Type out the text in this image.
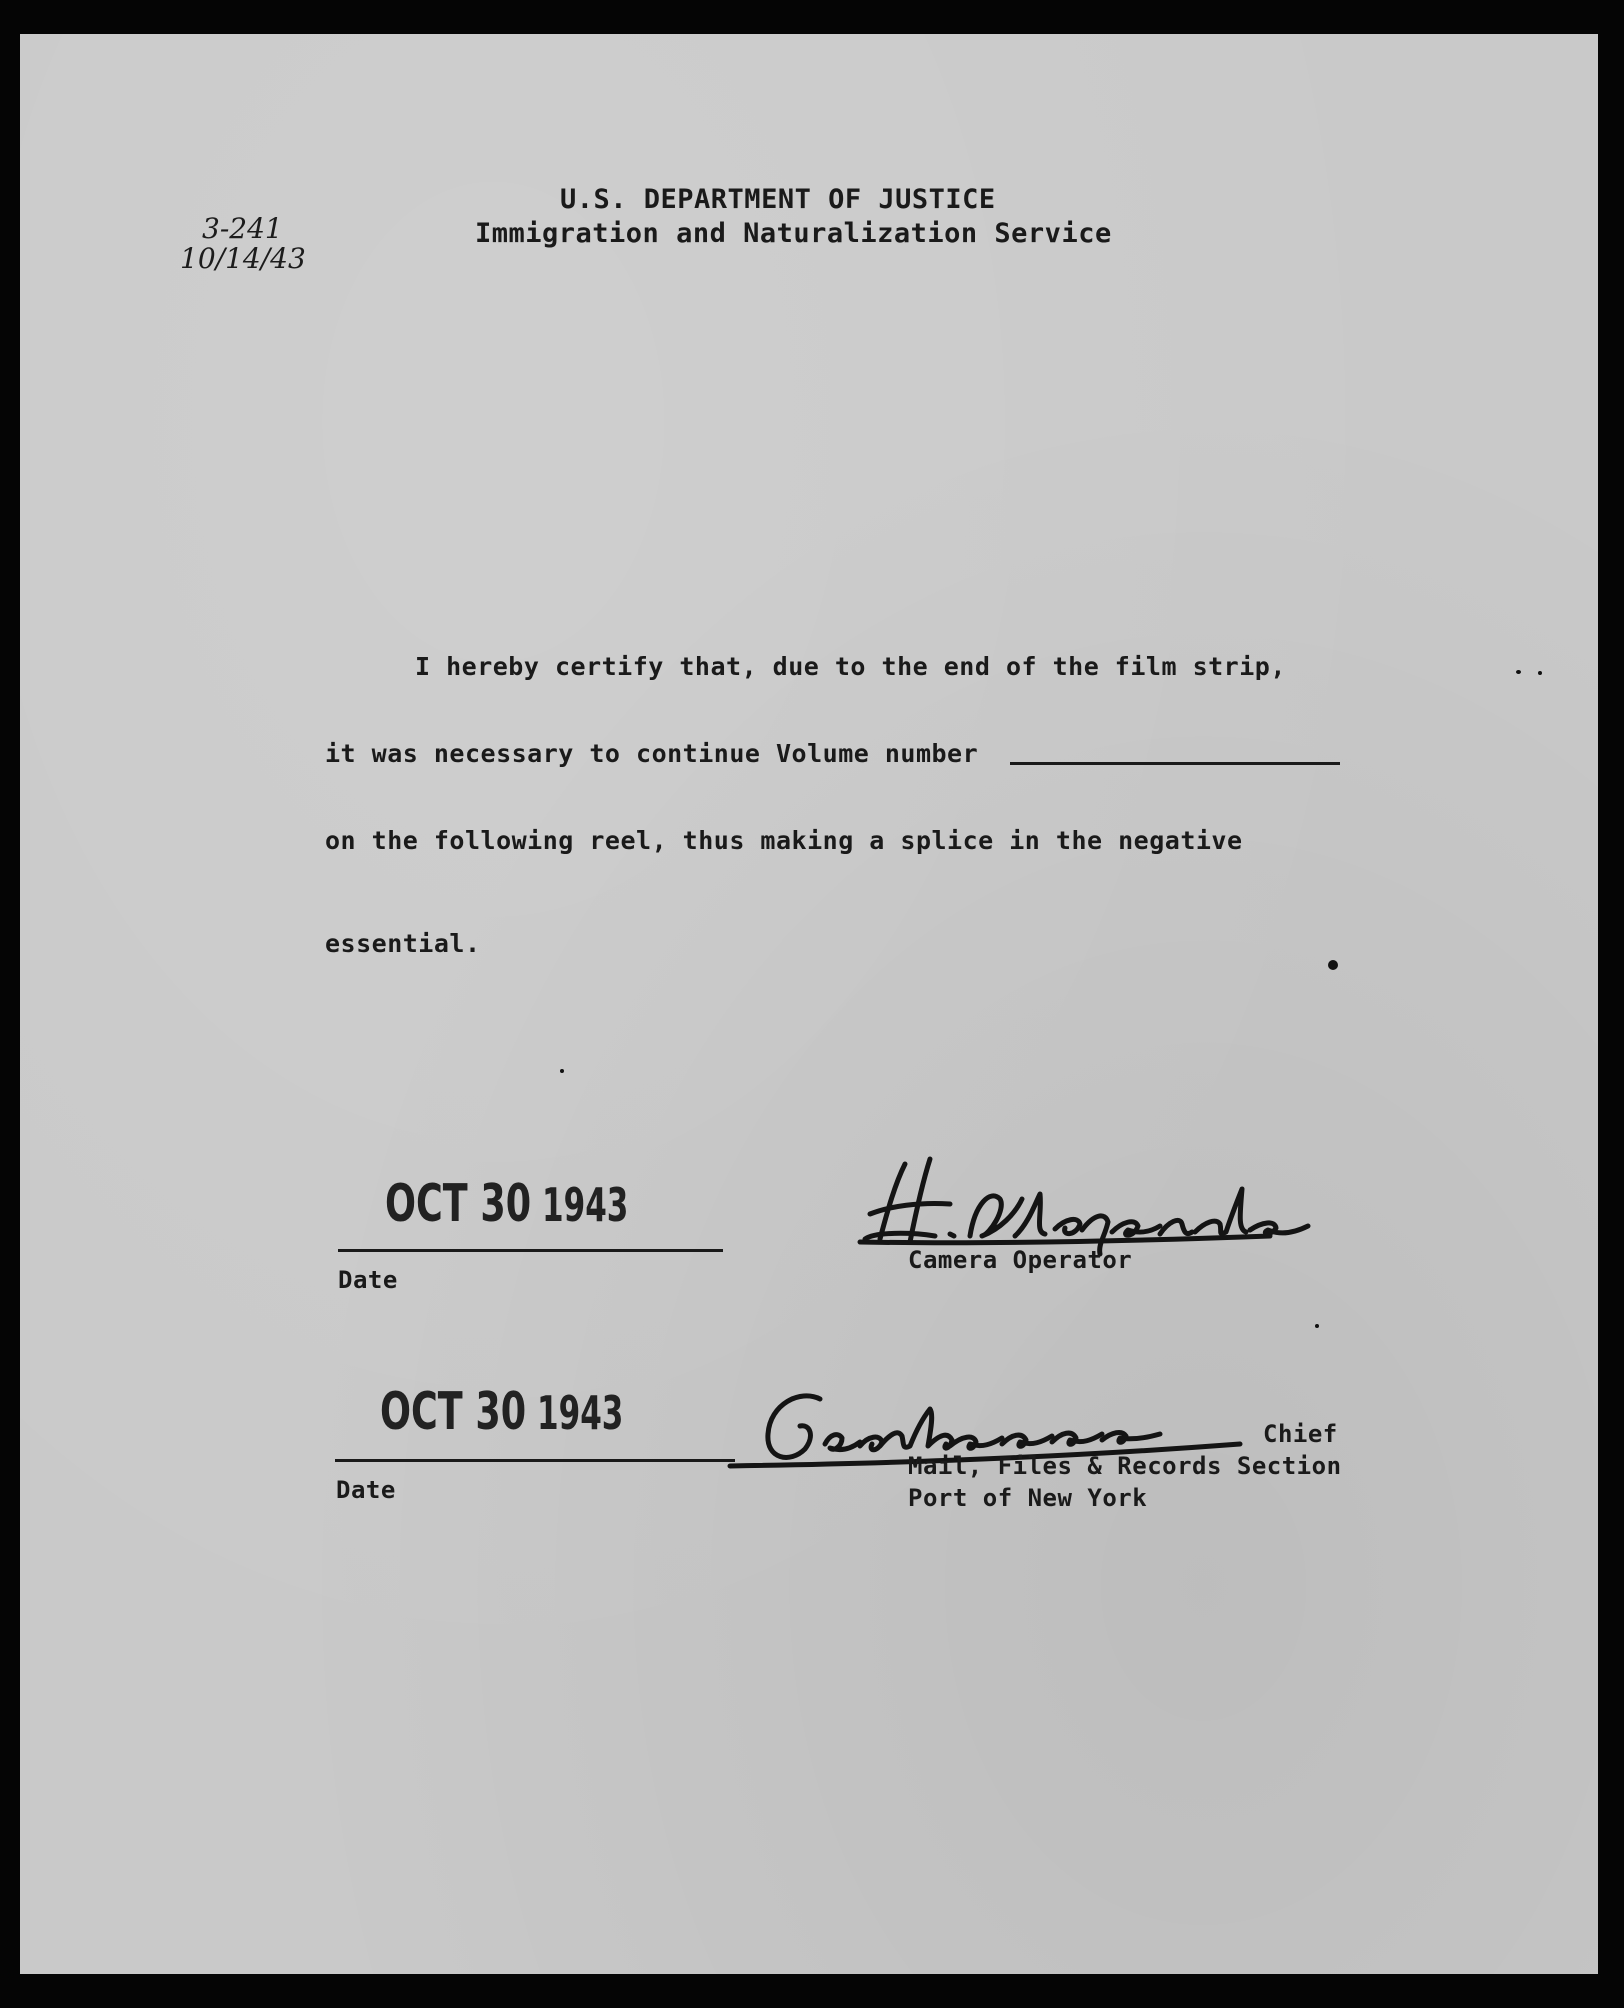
3-241
10/14/43
U.S. DEPARTMENT OF JUSTICE
Immigration and Naturalization Service
I hereby certify that, due to the end of the film strip,
it was necessary to continue Volume number
on the following reel, thus making a splice in the negative
essential.
OCT 30 1943
Date
Camera Operator
OCT 30 1943
Date
Chief
Mail, Files & Records Section
Port of New York
